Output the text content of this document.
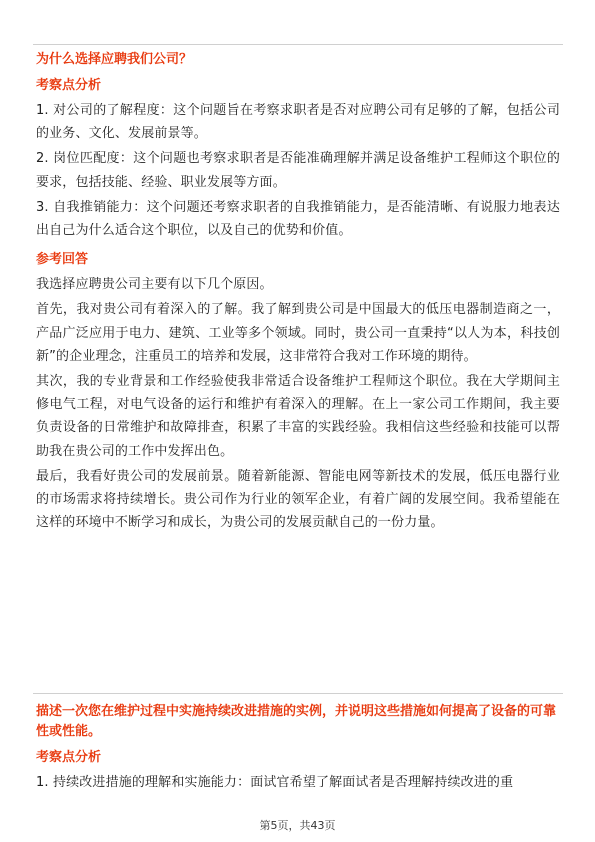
为什么选择应聘我们公司？

考察点分析

1. 对公司的了解程度：这个问题旨在考察求职者是否对应聘公司有足够的了解，包括公司的业务、文化、发展前景等。

2. 岗位匹配度：这个问题也考察求职者是否能准确理解并满足设备维护工程师这个职位的要求，包括技能、经验、职业发展等方面。

3. 自我推销能力：这个问题还考察求职者的自我推销能力，是否能清晰、有说服力地表达出自己为什么适合这个职位，以及自己的优势和价值。

参考回答

我选择应聘贵公司主要有以下几个原因。

首先，我对贵公司有着深入的了解。我了解到贵公司是中国最大的低压电器制造商之一，产品广泛应用于电力、建筑、工业等多个领域。同时，贵公司一直秉持“以人为本，科技创新”的企业理念，注重员工的培养和发展，这非常符合我对工作环境的期待。

其次，我的专业背景和工作经验使我非常适合设备维护工程师这个职位。我在大学期间主修电气工程，对电气设备的运行和维护有着深入的理解。在上一家公司工作期间，我主要负责设备的日常维护和故障排查，积累了丰富的实践经验。我相信这些经验和技能可以帮助我在贵公司的工作中发挥出色。

最后，我看好贵公司的发展前景。随着新能源、智能电网等新技术的发展，低压电器行业的市场需求将持续增长。贵公司作为行业的领军企业，有着广阔的发展空间。我希望能在这样的环境中不断学习和成长，为贵公司的发展贡献自己的一份力量。

描述一次您在维护过程中实施持续改进措施的实例，并说明这些措施如何提高了设备的可靠性或性能。

考察点分析

1. 持续改进措施的理解和实施能力：面试官希望了解面试者是否理解持续改进的重

第5页，共43页
